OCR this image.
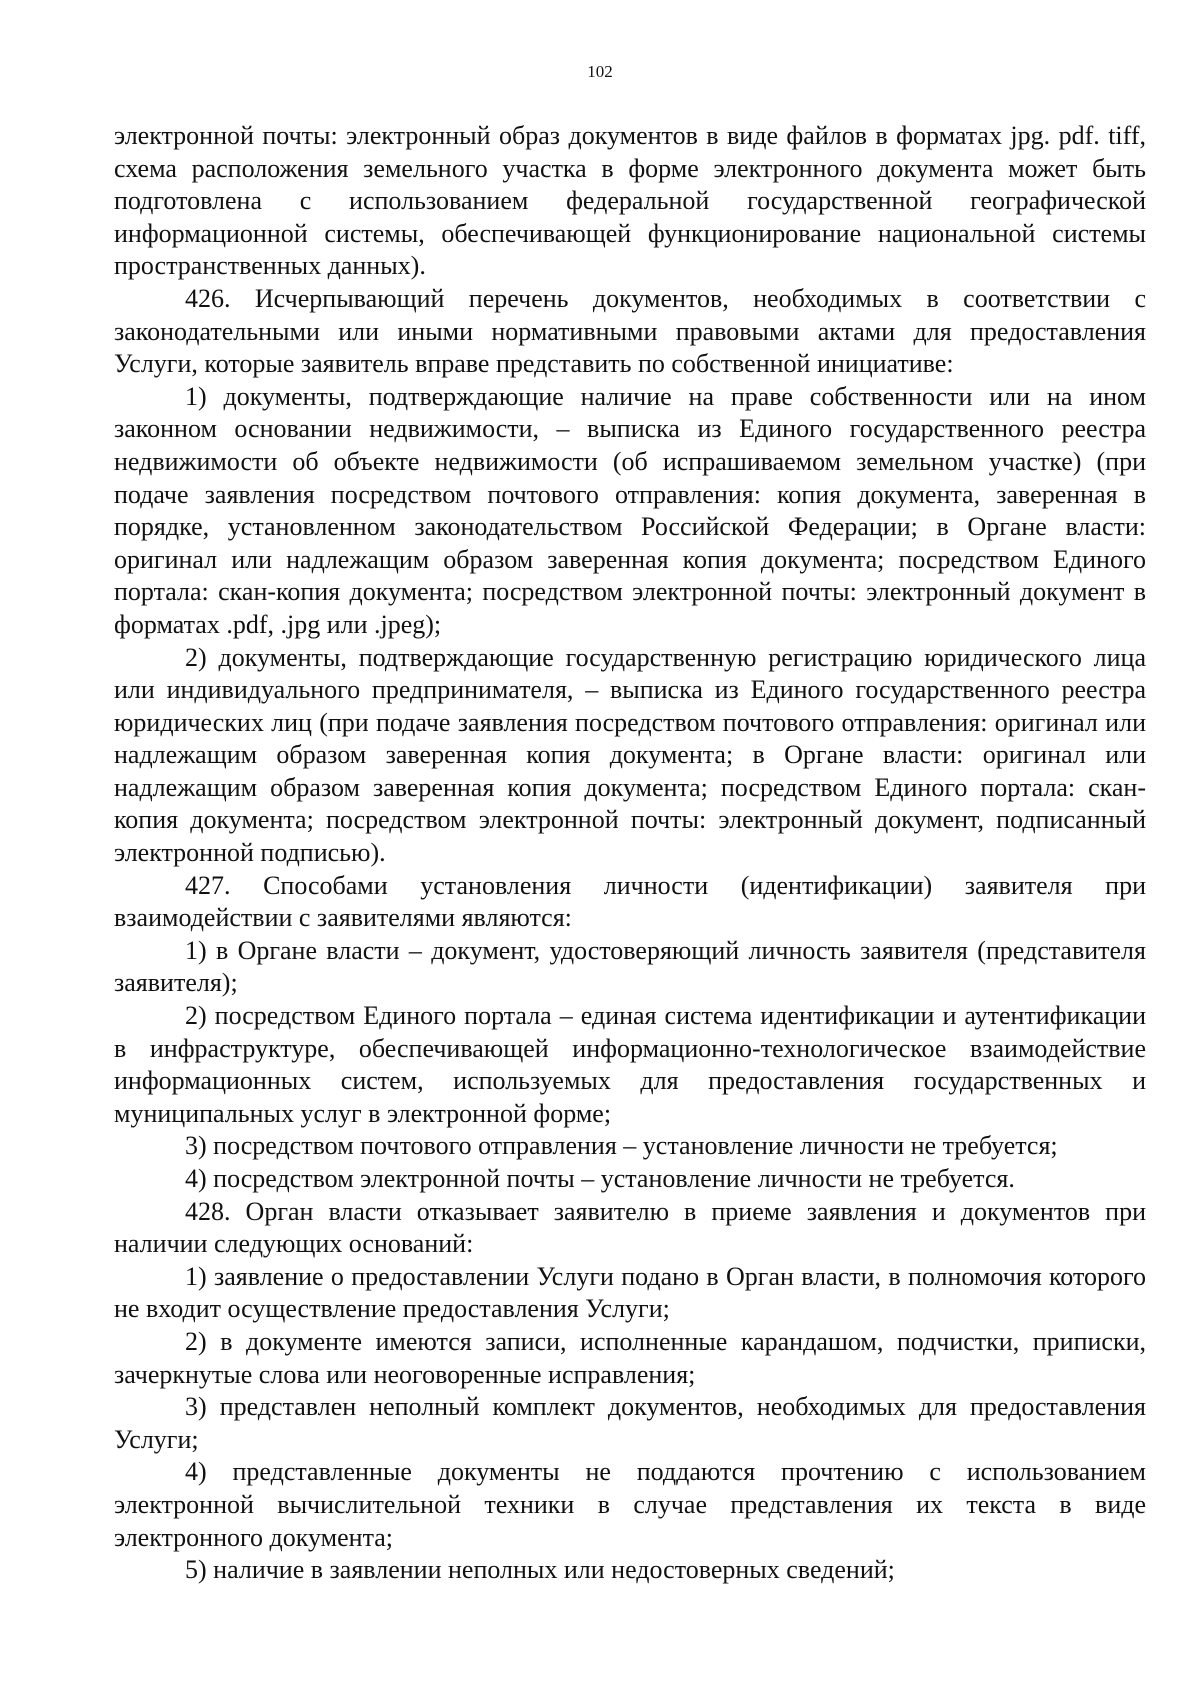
102

электронной почты: электронный образ документов в виде файлов в форматах jpg. pdf. tiff, схема расположения земельного участка в форме электронного документа может быть подготовлена с использованием федеральной государственной географической информационной системы, обеспечивающей функционирование национальной системы пространственных данных).

426. Исчерпывающий перечень документов, необходимых в соответствии с законодательными или иными нормативными правовыми актами для предоставления Услуги, которые заявитель вправе представить по собственной инициативе:

1) документы, подтверждающие наличие на праве собственности или на ином законном основании недвижимости, – выписка из Единого государственного реестра недвижимости об объекте недвижимости (об испрашиваемом земельном участке) (при подаче заявления посредством почтового отправления: копия документа, заверенная в порядке, установленном законодательством Российской Федерации; в Органе власти: оригинал или надлежащим образом заверенная копия документа; посредством Единого портала: скан-копия документа; посредством электронной почты: электронный документ в форматах .pdf, .jpg или .jpeg);

2) документы, подтверждающие государственную регистрацию юридического лица или индивидуального предпринимателя, – выписка из Единого государственного реестра юридических лиц (при подаче заявления посредством почтового отправления: оригинал или надлежащим образом заверенная копия документа; в Органе власти: оригинал или надлежащим образом заверенная копия документа; посредством Единого портала: скан-копия документа; посредством электронной почты: электронный документ, подписанный электронной подписью).

427. Способами установления личности (идентификации) заявителя при взаимодействии с заявителями являются:

1) в Органе власти – документ, удостоверяющий личность заявителя (представителя заявителя);

2) посредством Единого портала – единая система идентификации и аутентификации в инфраструктуре, обеспечивающей информационно-технологическое взаимодействие информационных систем, используемых для предоставления государственных и муниципальных услуг в электронной форме;

3) посредством почтового отправления – установление личности не требуется;

4) посредством электронной почты – установление личности не требуется.

428. Орган власти отказывает заявителю в приеме заявления и документов при наличии следующих оснований:

1) заявление о предоставлении Услуги подано в Орган власти, в полномочия которого не входит осуществление предоставления Услуги;

2) в документе имеются записи, исполненные карандашом, подчистки, приписки, зачеркнутые слова или неоговоренные исправления;

3) представлен неполный комплект документов, необходимых для предоставления Услуги;

4) представленные документы не поддаются прочтению с использованием электронной вычислительной техники в случае представления их текста в виде электронного документа;

5) наличие в заявлении неполных или недостоверных сведений;
